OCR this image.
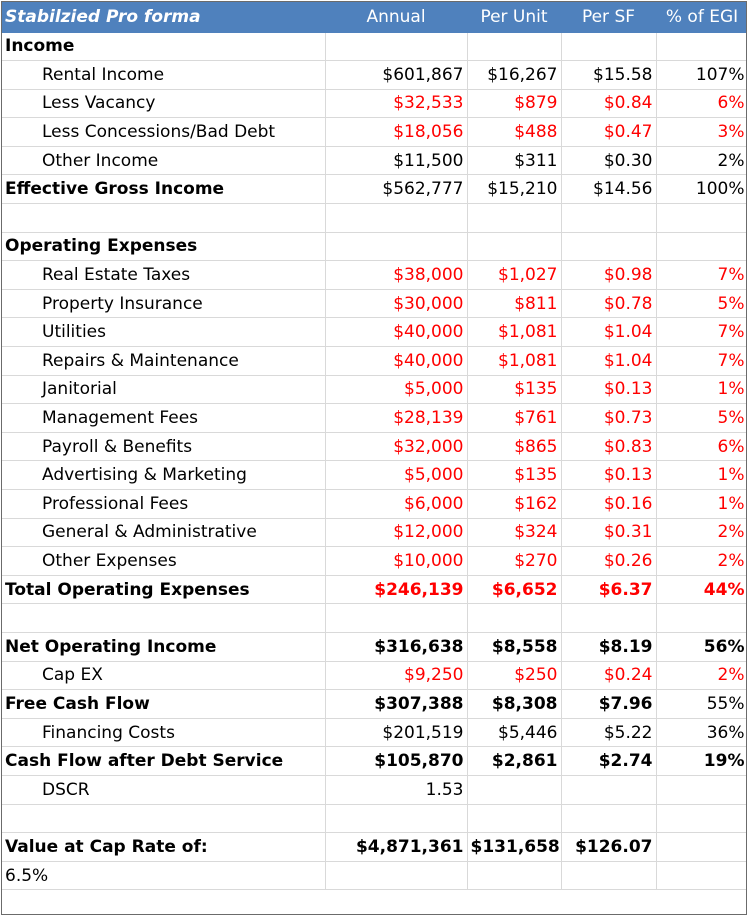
Stabilzied Pro forma	Annual	Per Unit	Per SF	% of EGI
Income				
Rental Income	$601,867	$16,267	$15.58	107%
Less Vacancy	$32,533	$879	$0.84	6%
Less Concessions/Bad Debt	$18,056	$488	$0.47	3%
Other Income	$11,500	$311	$0.30	2%
Effective Gross Income	$562,777	$15,210	$14.56	100%

Operating Expenses				
Real Estate Taxes	$38,000	$1,027	$0.98	7%
Property Insurance	$30,000	$811	$0.78	5%
Utilities	$40,000	$1,081	$1.04	7%
Repairs & Maintenance	$40,000	$1,081	$1.04	7%
Janitorial	$5,000	$135	$0.13	1%
Management Fees	$28,139	$761	$0.73	5%
Payroll & Benefits	$32,000	$865	$0.83	6%
Advertising & Marketing	$5,000	$135	$0.13	1%
Professional Fees	$6,000	$162	$0.16	1%
General & Administrative	$12,000	$324	$0.31	2%
Other Expenses	$10,000	$270	$0.26	2%
Total Operating Expenses	$246,139	$6,652	$6.37	44%

Net Operating Income	$316,638	$8,558	$8.19	56%
Cap EX	$9,250	$250	$0.24	2%
Free Cash Flow	$307,388	$8,308	$7.96	55%
Financing Costs	$201,519	$5,446	$5.22	36%
Cash Flow after Debt Service	$105,870	$2,861	$2.74	19%
DSCR	1.53			

Value at Cap Rate of:	$4,871,361	$131,658	$126.07	
6.5%				
